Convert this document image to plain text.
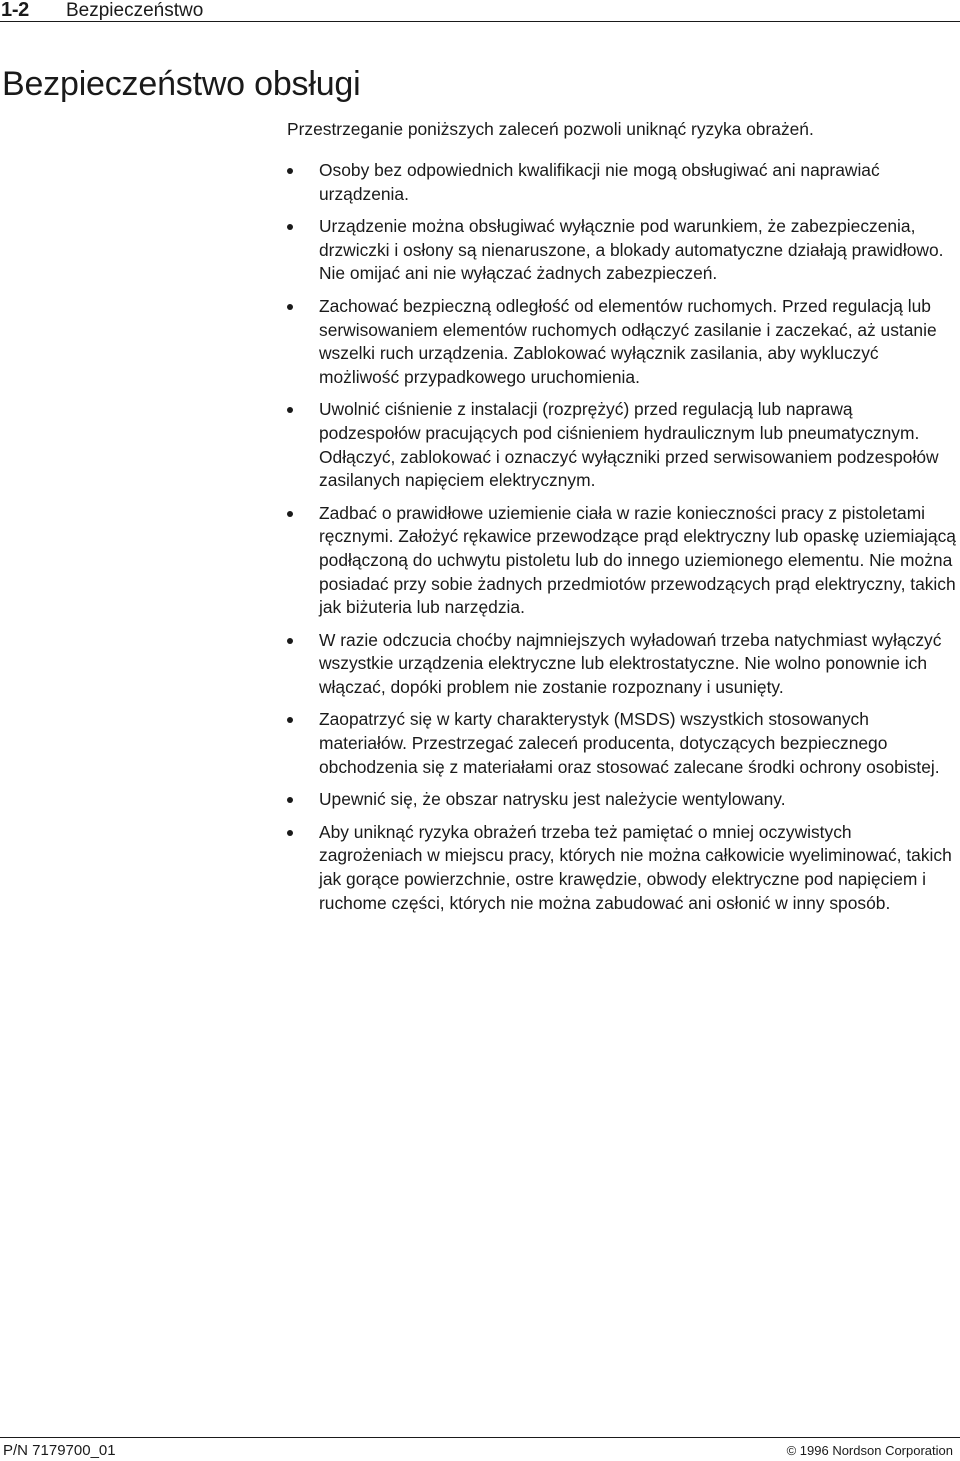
1-2 Bezpieczeństwo
Bezpieczeństwo obsługi

Przestrzeganie poniższych zaleceń pozwoli uniknąć ryzyka obrażeń.

Osoby bez odpowiednich kwalifikacji nie mogą obsługiwać ani naprawiać urządzenia.
Urządzenie można obsługiwać wyłącznie pod warunkiem, że zabezpieczenia, drzwiczki i osłony są nienaruszone, a blokady automatyczne działają prawidłowo. Nie omijać ani nie wyłączać żadnych zabezpieczeń.
Zachować bezpieczną odległość od elementów ruchomych. Przed regulacją lub serwisowaniem elementów ruchomych odłączyć zasilanie i zaczekać, aż ustanie wszelki ruch urządzenia. Zablokować wyłącznik zasilania, aby wykluczyć możliwość przypadkowego uruchomienia.
Uwolnić ciśnienie z instalacji (rozprężyć) przed regulacją lub naprawą podzespołów pracujących pod ciśnieniem hydraulicznym lub pneumatycznym. Odłączyć, zablokować i oznaczyć wyłączniki przed serwisowaniem podzespołów zasilanych napięciem elektrycznym.
Zadbać o prawidłowe uziemienie ciała w razie konieczności pracy z pistoletami ręcznymi. Założyć rękawice przewodzące prąd elektryczny lub opaskę uziemiającą podłączoną do uchwytu pistoletu lub do innego uziemionego elementu. Nie można posiadać przy sobie żadnych przedmiotów przewodzących prąd elektryczny, takich jak biżuteria lub narzędzia.
W razie odczucia choćby najmniejszych wyładowań trzeba natychmiast wyłączyć wszystkie urządzenia elektryczne lub elektrostatyczne. Nie wolno ponownie ich włączać, dopóki problem nie zostanie rozpoznany i usunięty.
Zaopatrzyć się w karty charakterystyk (MSDS) wszystkich stosowanych materiałów. Przestrzegać zaleceń producenta, dotyczących bezpiecznego obchodzenia się z materiałami oraz stosować zalecane środki ochrony osobistej.
Upewnić się, że obszar natrysku jest należycie wentylowany.
Aby uniknąć ryzyka obrażeń trzeba też pamiętać o mniej oczywistych zagrożeniach w miejscu pracy, których nie można całkowicie wyeliminować, takich jak gorące powierzchnie, ostre krawędzie, obwody elektryczne pod napięciem i ruchome części, których nie można zabudować ani osłonić w inny sposób.
P/N 7179700_01	© 1996 Nordson Corporation
